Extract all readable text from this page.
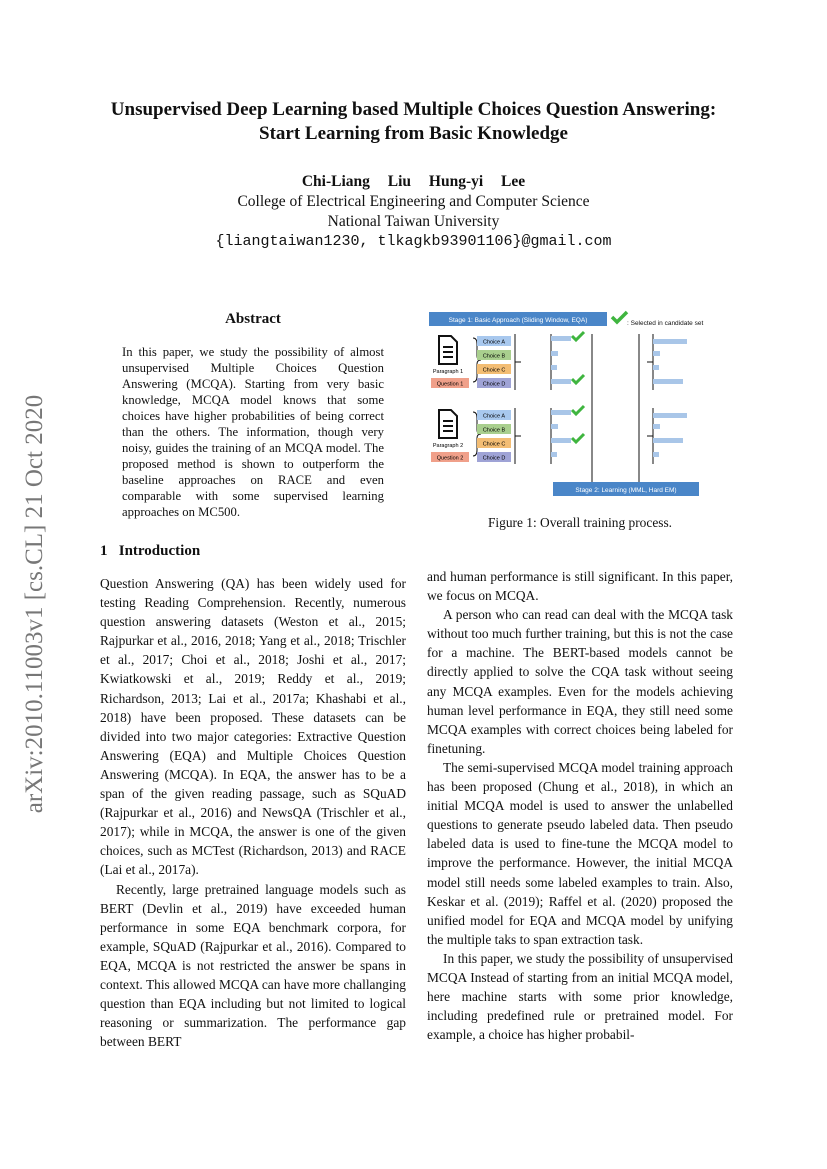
Unsupervised Deep Learning based Multiple Choices Question Answering:
Start Learning from Basic Knowledge
Chi-Liang Liu Hung-yi Lee
College of Electrical Engineering and Computer Science
National Taiwan University
{liangtaiwan1230, tlkagkb93901106}@gmail.com
arXiv:2010.11003v1 [cs.CL] 21 Oct 2020
Abstract
In this paper, we study the possibility of almost unsupervised Multiple Choices Question Answering (MCQA). Starting from very basic knowledge, MCQA model knows that some choices have higher probabilities of being correct than the others. The information, though very noisy, guides the training of an MCQA model. The proposed method is shown to outperform the baseline approaches on RACE and even comparable with some supervised learning approaches on MC500.
Stage 1: Basic Approach (Sliding Window, EQA)	: Selected in candidate set
Paragraph 1
Question 1
Choice A
Choice B
Choice C
Choice D
Paragraph 2
Question 2
Choice A
Choice B
Choice C
Choice D
Stage 2: Learning (MML, Hard EM)
Figure 1: Overall training process.
1 Introduction

Question Answering (QA) has been widely used for testing Reading Comprehension. Recently, numerous question answering datasets (Weston et al., 2015; Rajpurkar et al., 2016, 2018; Yang et al., 2018; Trischler et al., 2017; Choi et al., 2018; Joshi et al., 2017; Kwiatkowski et al., 2019; Reddy et al., 2019; Richardson, 2013; Lai et al., 2017a; Khashabi et al., 2018) have been proposed. These datasets can be divided into two major categories: Extractive Question Answering (EQA) and Multiple Choices Question Answering (MCQA). In EQA, the answer has to be a span of the given reading passage, such as SQuAD (Rajpurkar et al., 2016) and NewsQA (Trischler et al., 2017); while in MCQA, the answer is one of the given choices, such as MCTest (Richardson, 2013) and RACE (Lai et al., 2017a).

Recently, large pretrained language models such as BERT (Devlin et al., 2019) have exceeded human performance in some EQA benchmark corpora, for example, SQuAD (Rajpurkar et al., 2016). Compared to EQA, MCQA is not restricted the answer be spans in context. This allowed MCQA can have more challanging question than EQA including but not limited to logical reasoning or summarization. The performance gap between BERT

and human performance is still significant. In this paper, we focus on MCQA.

A person who can read can deal with the MCQA task without too much further training, but this is not the case for a machine. The BERT-based models cannot be directly applied to solve the CQA task without seeing any MCQA examples. Even for the models achieving human level performance in EQA, they still need some MCQA examples with correct choices being labeled for finetuning.

The semi-supervised MCQA model training approach has been proposed (Chung et al., 2018), in which an initial MCQA model is used to answer the unlabelled questions to generate pseudo labeled data. Then pseudo labeled data is used to fine-tune the MCQA model to improve the performance. However, the initial MCQA model still needs some labeled examples to train. Also, Keskar et al. (2019); Raffel et al. (2020) proposed the unified model for EQA and MCQA model by unifying the multiple taks to span extraction task.

In this paper, we study the possibility of unsupervised MCQA Instead of starting from an initial MCQA model, here machine starts with some prior knowledge, including predefined rule or pretrained model. For example, a choice has higher probabil-
